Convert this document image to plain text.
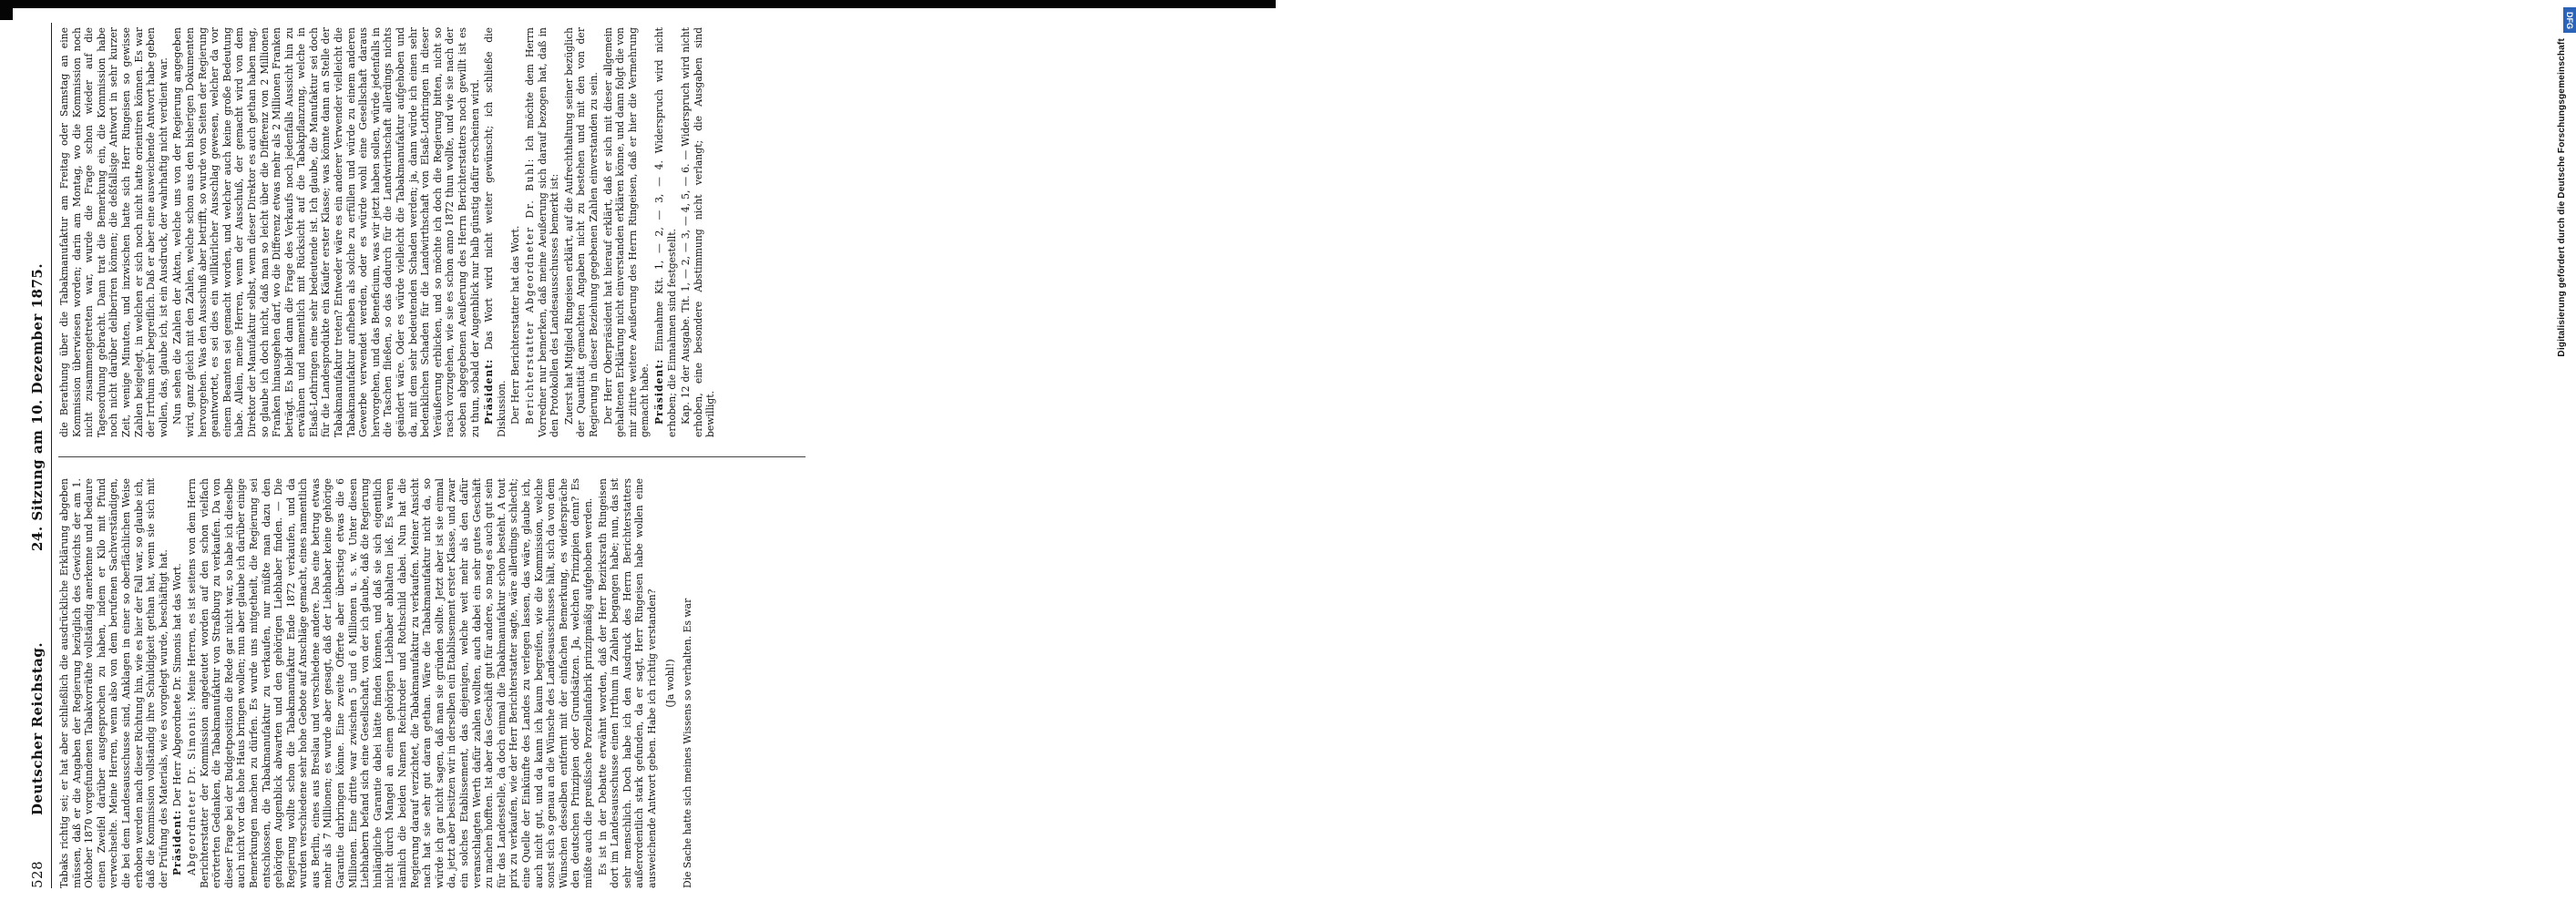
DFG
Digitalisierung gefördert durch die Deutsche Forschungsgemeinschaft
528
Deutscher Reichstag.
24. Sitzung am 10. Dezember 1875.

Tabaks richtig sei; er hat aber schließlich die ausdrückliche Erklärung abgeben müssen, daß er die Angaben der Regierung bezüglich des Gewichts der am 1. Oktober 1870 vorgefundenen Tabakvorräthe vollständig anerkenne und bedaure einen Zweifel darüber ausgesprochen zu haben, indem er Kilo mit Pfund verwechselte. Meine Herren, wenn also von dem berufenen Sachverständigen, die bei dem Landesausschusse sind, Anklagen in einer so oberflächlichen Weise erhoben werden nach dieser Richtung hin, wie es hier der Fall war, so glaube ich, daß die Kommission vollständig ihre Schuldigkeit gethan hat, wenn sie sich mit der Prüfung des Materials, wie es vorgelegt wurde, beschäftigt hat. Präsident: Der Herr Abgeordnete Dr. Simonis hat das Wort. Abgeordneter Dr. Simonis: Meine Herren, es ist seitens von dem Herrn Berichterstatter der Kommission angedeutet worden auf den schon vielfach erörterten Gedanken, die Tabakmanufaktur von Straßburg zu verkaufen. Da von dieser Frage bei der Budgetposition die Rede gar nicht war, so habe ich dieselbe auch nicht vor das hohe Haus bringen wollen; nun aber glaube ich darüber einige Bemerkungen machen zu dürfen. Es wurde uns mitgetheilt, die Regierung sei entschlossen, die Tabakmanufaktur zu verkaufen, nur müßte man dazu den gehörigen Augenblick abwarten und den gehörigen Liebhaber finden. — Die Regierung wollte schon die Tabakmanufaktur Ende 1872 verkaufen, und da wurden verschiedene sehr hohe Gebote auf Anschläge gemacht, eines namentlich aus Berlin, eines aus Breslau und verschiedene andere. Das eine betrug etwas mehr als 7 Millionen; es wurde aber gesagt, daß der Liebhaber keine gehörige Garantie darbringen könne. Eine zweite Offerte aber überstieg etwas die 6 Millionen. Eine dritte war zwischen 5 und 6 Millionen u. s. w. Unter diesen Liebhabern befand sich eine Gesellschaft, von der ich glaube, daß die Regierung hinlängliche Garantie dabei hätte finden können, und daß sie sich eigentlich nicht durch Mangel an einem gehörigen Liebhaber abhalten ließ. Es waren nämlich die beiden Namen Reichroder und Rothschild dabei. Nun hat die Regierung darauf verzichtet, die Tabakmanufaktur zu verkaufen. Meiner Ansicht nach hat sie sehr gut daran gethan. Wäre die Tabakmanufaktur nicht da, so würde ich gar nicht sagen, daß man sie gründen sollte. Jetzt aber ist sie einmal da, jetzt aber besitzen wir in derselben ein Etablissement erster Klasse, und zwar ein solches Etablissement, das diejenigen, welche weit mehr als den dafür veranschlagten Werth dafür zahlen wollten, auch dabei ein sehr gutes Geschäft zu machen hofften. Ist aber das Geschäft gut für andere, so mag es auch gut sein für das Landesstelle, da doch einmal die Tabakmanufaktur schon besteht. A tout prix zu verkaufen, wie der Herr Berichterstatter sagte, wäre allerdings schlecht; eine Quelle der Einkünfte des Landes zu verlegen lassen, das wäre, glaube ich, auch nicht gut, und da kann ich kaum begreifen, wie die Kommission, welche sonst sich so genau an die Wünsche des Landesausschusses hält, sich da von dem Wünschen desselben entfernt mit der einfachen Bemerkung, es widerspräche den deutschen Prinzipien oder Grundsätzen. Ja, welchen Prinzipien denn? Es müßte auch die preußische Porzellanfabrik prinzipmäßig aufgehoben werden. Es ist in der Debatte erwähnt worden, daß der Herr Bezirksrath Ringeisen dort im Landesausschusse einen Irrthum in Zahlen begangen habe; nun, das ist sehr menschlich. Doch habe ich den Ausdruck des Herrn Berichterstatters außerordentlich stark gefunden, da er sagt, Herr Ringeisen habe wollen eine ausweichende Antwort geben. Habe ich richtig verstanden? (Ja wohl!) Die Sache hatte sich meines Wissens so verhalten. Es war

die Berathung über die Tabakmanufaktur am Freitag oder Samstag an eine Kommission überwiesen worden; darin am Montag, wo die Kommission noch nicht zusammengetreten war, wurde die Frage schon wieder auf die Tagesordnung gebracht. Dann trat die Bemerkung ein, die Kommission habe noch nicht darüber deliberiren können; die deßfallsige Antwort in sehr kurzer Zeit, wenige Minuten, und inzwischen hatte sich Herr Ringeisen so gewisse Zahlen beigelegt, in welchen er sich noch nicht hatte orientiren können. Es war der Irrthum sehr begreiflich. Daß er aber eine ausweichende Antwort habe geben wollen, das, glaube ich, ist ein Ausdruck, der wahrhaftig nicht verdient war. Nun sehen die Zahlen der Akten, welche uns von der Regierung angegeben wird, ganz gleich mit den Zahlen, welche schon aus den bisherigen Dokumenten hervorgehen. Was den Ausschuß aber betrifft, so wurde von Seiten der Regierung geantwortet, es sei dies ein willkürlicher Ausschlag gewesen, welcher da vor einem Beamten sei gemacht worden, und welcher auch keine große Bedeutung habe. Allein, meine Herren, wenn der Ausschuß, der gemacht wird von dem Direktor der Manufaktur selbst, wenn dieser Direktor es auch gethan haben mag, so glaube ich doch nicht, daß man so leicht über die Differenz von 2 Millionen Franken hinausgehen darf, wo die Differenz etwas mehr als 2 Millionen Franken beträgt. Es bleibt dann die Frage des Verkaufs noch jedenfalls Aussicht hin zu erwähnen und namentlich mit Rücksicht auf die Tabakpflanzung, welche in Elsaß-Lothringen eine sehr bedeutende ist. Ich glaube, die Manufaktur sei doch für die Landesprodukte ein Käufer erster Klasse; was könnte dann an Stelle der Tabakmanufaktur treten? Entweder wäre es ein anderer Verwender vielleicht die Tabakmanufaktur aufheben als solche zu erfüllen und würde zu einem anderen Gewerbe verwendet werden, oder es würde wohl eine Gesellschaft daraus hervorgehen, und das Beneficium, was wir jetzt haben sollen, würde jedenfalls in die Taschen fließen, so das dadurch für die Landwirthschaft allerdings nichts geändert wäre. Oder es würde vielleicht die Tabakmanufaktur aufgehoben und da, mit dem sehr bedeutenden Schaden werden; ja, dann würde ich einen sehr bedenklichen Schaden für die Landwirthschaft von Elsaß-Lothringen in dieser Veräußerung erblicken, und so möchte ich doch die Regierung bitten, nicht so rasch vorzugehen, wie sie es schon anno 1872 thun wollte, und wie sie nach der soeben abgegebenen Aeußerung des Herrn Berichterstatters noch gewillt ist es zu thun, sobald der Augenblick nur halb günstig dafür erscheinen wird. Präsident: Das Wort wird nicht weiter gewünscht; ich schließe die Diskussion. Der Herr Berichterstatter hat das Wort. Berichterstatter Abgeordneter Dr. Buhl: Ich möchte dem Herrn Vorredner nur bemerken, daß meine Aeußerung sich darauf bezogen hat, daß in den Protokollen des Landesausschusses bemerkt ist: Zuerst hat Mitglied Ringeisen erklärt, auf die Aufrechthaltung seiner bezüglich der Quantität gemachten Angaben nicht zu bestehen und mit den von der Regierung in dieser Beziehung gegebenen Zahlen einverstanden zu sein. Der Herr Oberpräsident hat hierauf erklärt, daß er sich mit dieser allgemein gehaltenen Erklärung nicht einverstanden erklären könne, und dann folgt die von mir zitirte weitere Aeußerung des Herrn Ringeisen, daß er hier die Vermehrung gemacht habe. Präsident: Einnahme Kit. 1, — 2, — 3, — 4. Widerspruch wird nicht erhoben; die Einnahmen sind festgestellt. Kap. 12 der Ausgabe. Tit. 1, — 2, — 3, — 4, 5, — 6. — Widerspruch wird nicht erhoben, eine besondere Abstimmung nicht verlangt; die Ausgaben sind bewilligt.
